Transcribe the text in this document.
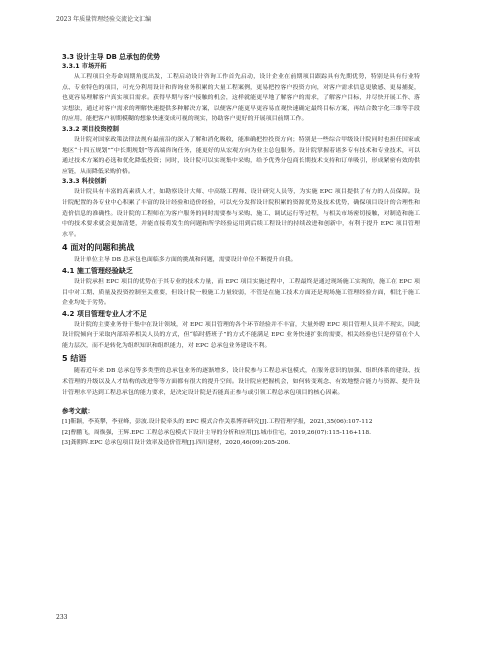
2023 年质量管理经验交流论文汇编
3.3 设计主导 DB 总承包的优势
3.3.1 市场开拓

从工程项目全寿命周期角度出发，工程启动设计咨询工作首先启动，设计企业在前期项目跟踪具有先期优势，特别是具有行业特点、专业特色的项目，可充分利用设计和咨询业务积累的大量工程案例，更易把控客户投资方向，对客户需求信息更敏感、更易捕捉，也更容易理解客户真实项目需求。获得早期与客户接触的机会，这样就能更早地了解客户的需求，了解客户目标，并尽快开展工作、落实想法，通过对客户需求的理解快速提供多种解决方案，以便客户能更早更容易直观快速确定最终目标方案，再结合数字化三维等手段的应用，能把客户初期模糊的想象快速变成可视的现实，协助客户更好的开展项目前期工作。

3.3.2 项目投资控制

设计院对国家政策法律法规有最前沿的深入了解和消化吸收，能准确把控投资方向；特别是一些综合甲级设计院同时也担任国家或地区“十四五规划”“中长期规划”等高端咨询任务，能更好的从宏观方向为业主总包服务。设计院掌握着诸多专有技术和专业技术，可以通过技术方案的必选和优化降低投资；同时，设计院可以实现集中采购，给予优秀分包商长期技术支持和订单吸引，形成紧密有效的供应链，从而降低采购价格。

3.3.3 科技创新

设计院具有丰富的高素质人才，如勘察设计大师、中高级工程师、设计研究人员等，为实施 EPC 项目提供了有力的人员保障。设计院配置的各专业中心积累了丰富的设计经验和造价经验，可以充分发挥设计院积累的资源优势及技术优势，确保项目设计的合理性和造价信息的准确性。设计院的工程师在为客户服务的同时需要参与采购、施工、调试运行等过程，与相关市场密切接触，对制造和施工中的技术要求就会更加清楚，并能直接将发生的问题和所学经验运用到后续工程设计的持续改进和创新中，有利于提升 EPC 项目管理水平。

4 面对的问题和挑战

设计单位主导 DB 总承包也面临多方面的挑战和问题，需要设计单位不断提升自我。

4.1 施工管理经验缺乏

设计院承担 EPC 项目的优势在于其专业的技术力量，而 EPC 项目实施过程中，工程最终是通过现场施工实现的，施工在 EPC 项目中对工期、质量及投资控制至关重要，但设计院一般施工力量较弱，不管是在施工技术方面还是现场施工管理经验方面，相比于施工企业均处于劣势。

4.2 项目管理专业人才不足

设计院的主要业务骨干集中在设计领域，对 EPC 项目管理的各个环节经验并不丰富，大量外聘 EPC 项目管理人员并不现实，因此设计院倾向于采取内部培养相关人员的方式，但“临时搭班子”的方式不能满足 EPC 业务快速扩张的需要，相关经验也只是停留在个人能力层次，而不是转化为组织知识和组织能力，对 EPC 总承包业务建设不利。

5 结语

随着近年来 DB 总承包等多类型的总承包业务的逐渐增多，设计院参与工程总承包模式，在服务意识的加强、组织体系的建设、技术管理的升级以及人才结构的改进等等方面都有很大的提升空间。设计院应把握机会，如何转变观念、有效地整合能力与资源、提升设计管理水平达到工程总承包的能力要求，是决定设计院是否能真正参与或引领工程总承包项目的核心因素。

参考文献：

[1]靳颖，李英攀，李亚峰，彭波.设计院牵头的 EPC 模式合作关系博弈研究[J].工程管理学报，2021,35(06):107-112

[2]曹鹏飞，周焕强，王辉.EPC 工程总承包模式下设计主导的分析和应用[J].城市住宅，2019,26(07):115-116+118.

[3]龚朝晖.EPC 总承包项目设计效率及造价管理[J].四川建材，2020,46(09):205-206.

233
